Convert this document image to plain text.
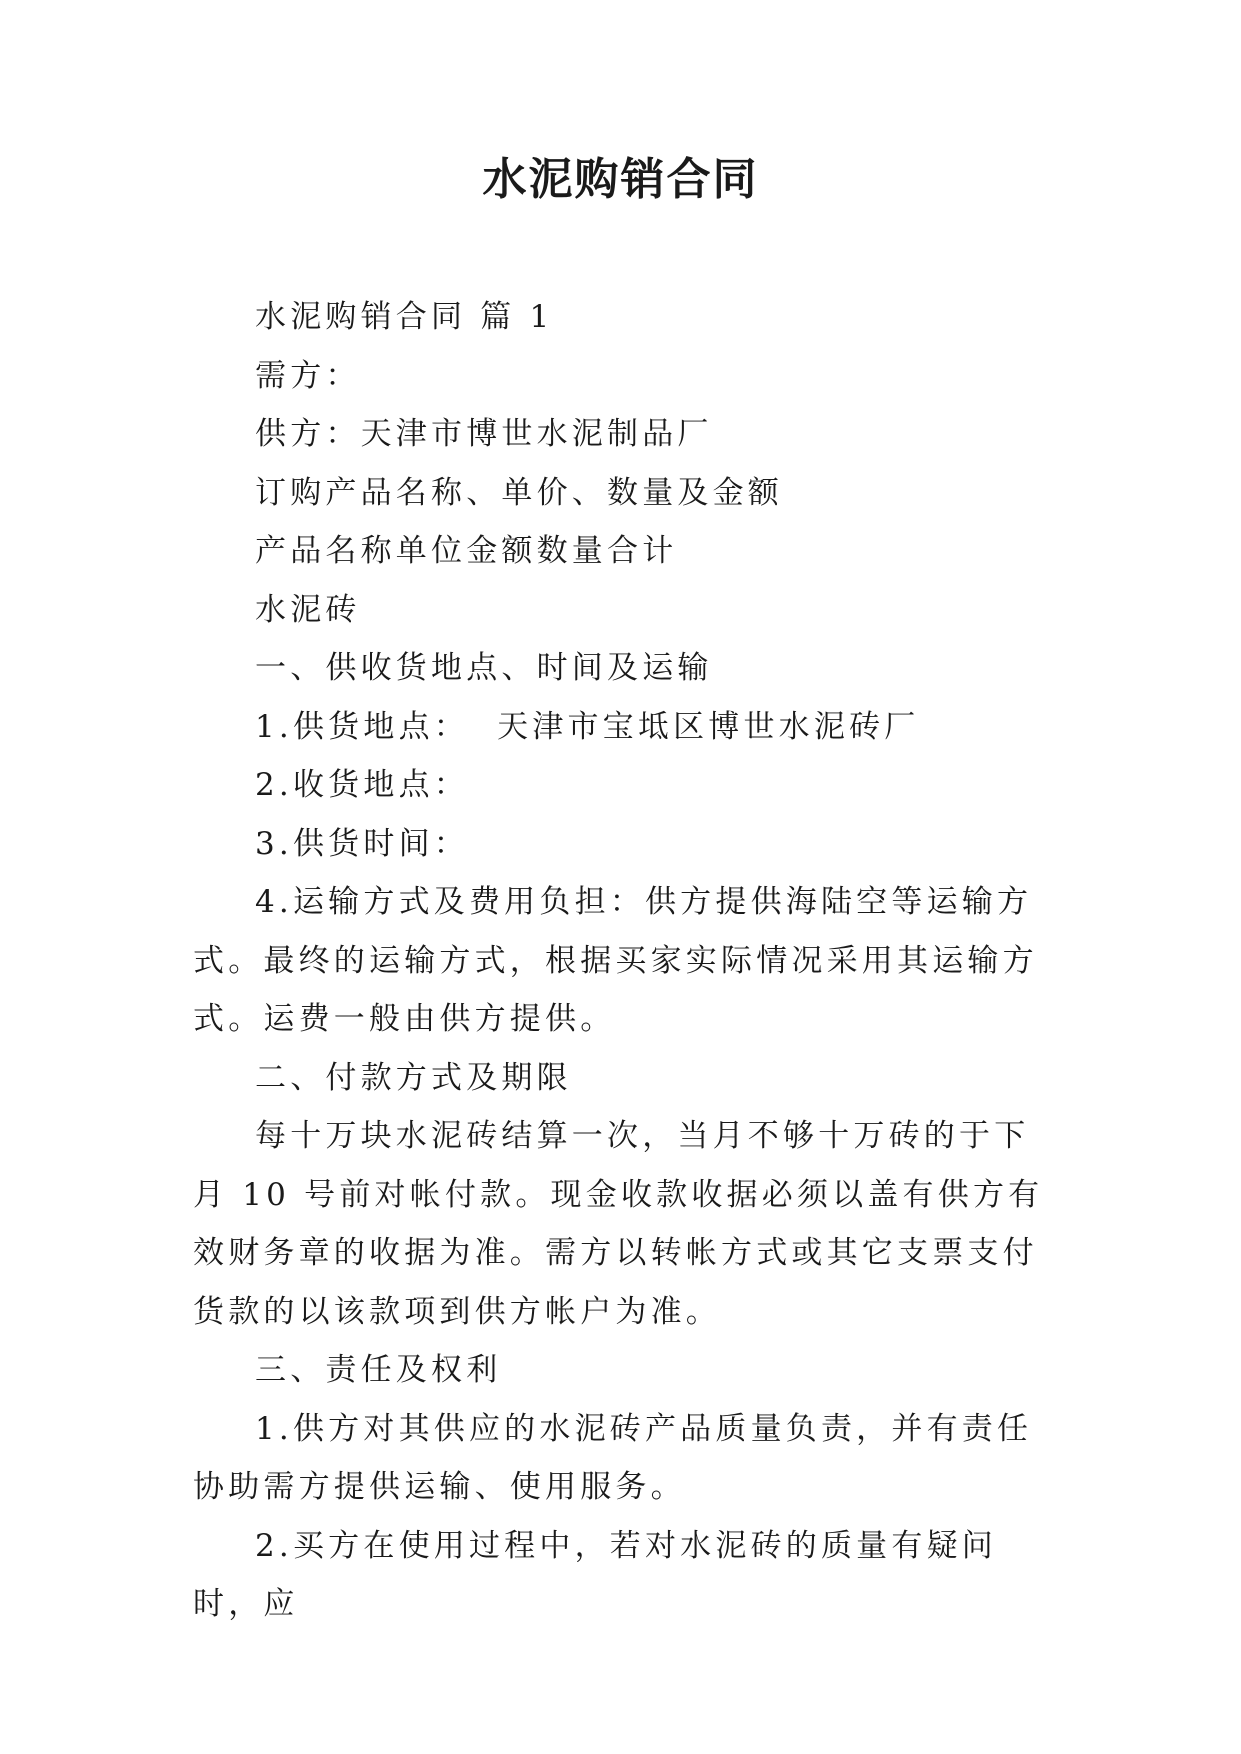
水泥购销合同

水泥购销合同 篇 1

需方：

供方：天津市博世水泥制品厂

订购产品名称、单价、数量及金额

产品名称单位金额数量合计

水泥砖

一、供收货地点、时间及运输

1.供货地点：  天津市宝坻区博世水泥砖厂

2.收货地点：

3.供货时间：

4.运输方式及费用负担：供方提供海陆空等运输方式。最终的运输方式，根据买家实际情况采用其运输方式。运费一般由供方提供。

二、付款方式及期限

每十万块水泥砖结算一次，当月不够十万砖的于下月 10 号前对帐付款。现金收款收据必须以盖有供方有效财务章的收据为准。需方以转帐方式或其它支票支付货款的以该款项到供方帐户为准。

三、责任及权利

1.供方对其供应的水泥砖产品质量负责，并有责任协助需方提供运输、使用服务。

2.买方在使用过程中，若对水泥砖的质量有疑问时，应
